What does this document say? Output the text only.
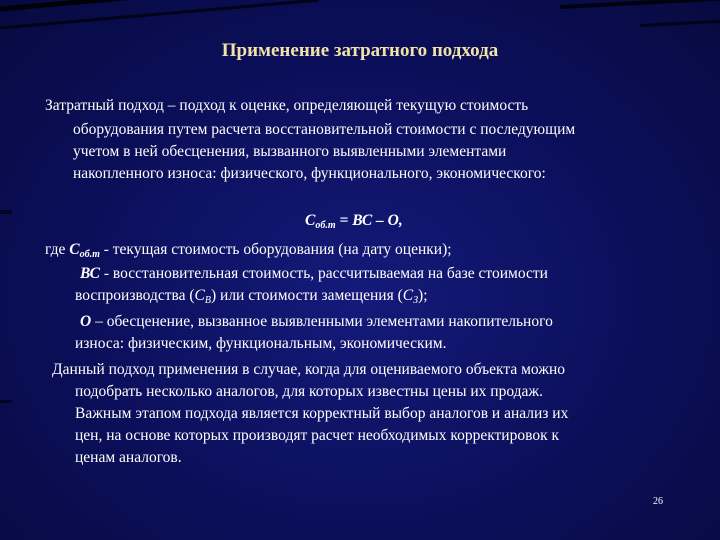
Применение затратного подхода
Затратный подход – подход к оценке, определяющей текущую стоимость
оборудования путем расчета восстановительной стоимости с последующим
учетом в ней обесценения, вызванного выявленными элементами
накопленного износа: физического, функционального, экономического:
$С_{об.т}$ = ВС – О,
где $С_{об.т}$ - текущая стоимость оборудования (на дату оценки);
ВС - восстановительная стоимость, рассчитываемая на базе стоимости
воспроизводства (СВ) или стоимости замещения (СЗ);
О – обесценение, вызванное выявленными элементами накопительного
износа: физическим, функциональным, экономическим.
Данный подход применения в случае, когда для оцениваемого объекта можно
подобрать несколько аналогов, для которых известны цены их продаж.
Важным этапом подхода является корректный выбор аналогов и анализ их
цен, на основе которых производят расчет необходимых корректировок к
ценам аналогов.
26
